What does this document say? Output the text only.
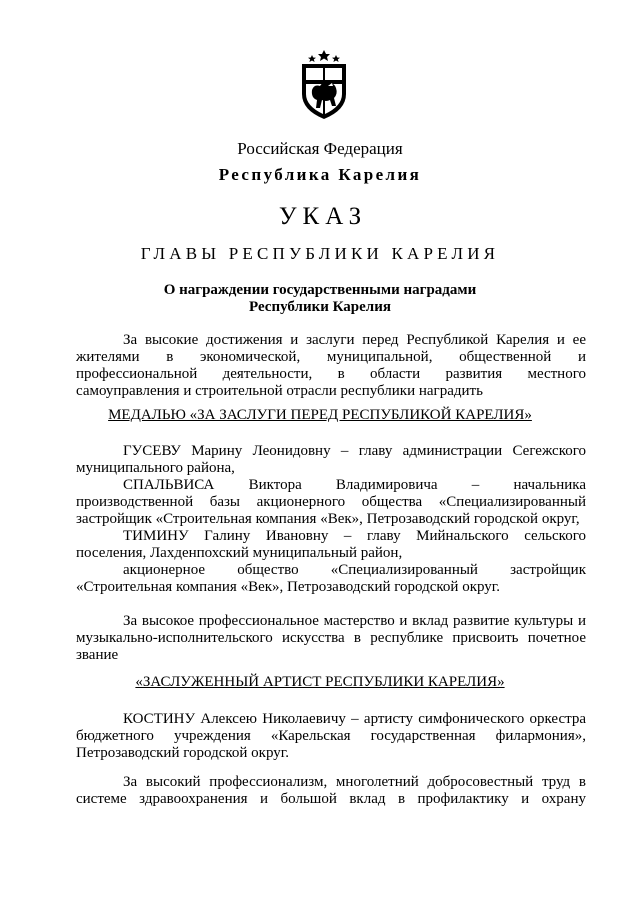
Российская Федерация
Республика Карелия
УКАЗ
ГЛАВЫ РЕСПУБЛИКИ КАРЕЛИЯ
О награждении государственными наградами
Республики Карелия
За высокие достижения и заслуги перед Республикой Карелия и ее
жителями в экономической, муниципальной, общественной и
профессиональной деятельности, в области развития местного
самоуправления и строительной отрасли республики наградить
МЕДАЛЬЮ «ЗА ЗАСЛУГИ ПЕРЕД РЕСПУБЛИКОЙ КАРЕЛИЯ»
ГУСЕВУ Марину Леонидовну – главу администрации Сегежского
муниципального района,
СПАЛЬВИСА Виктора Владимировича – начальника
производственной базы акционерного общества «Специализированный
застройщик «Строительная компания «Век», Петрозаводский городской округ,
ТИМИНУ Галину Ивановну – главу Мийнальского сельского
поселения, Лахденпохский муниципальный район,
акционерное общество «Специализированный застройщик
«Строительная компания «Век», Петрозаводский городской округ.
За высокое профессиональное мастерство и вклад развитие культуры и
музыкально-исполнительского искусства в республике присвоить почетное
звание
«ЗАСЛУЖЕННЫЙ АРТИСТ РЕСПУБЛИКИ КАРЕЛИЯ»
КОСТИНУ Алексею Николаевичу – артисту симфонического оркестра
бюджетного учреждения «Карельская государственная филармония»,
Петрозаводский городской округ.
За высокий профессионализм, многолетний добросовестный труд в
системе здравоохранения и большой вклад в профилактику и охрану
